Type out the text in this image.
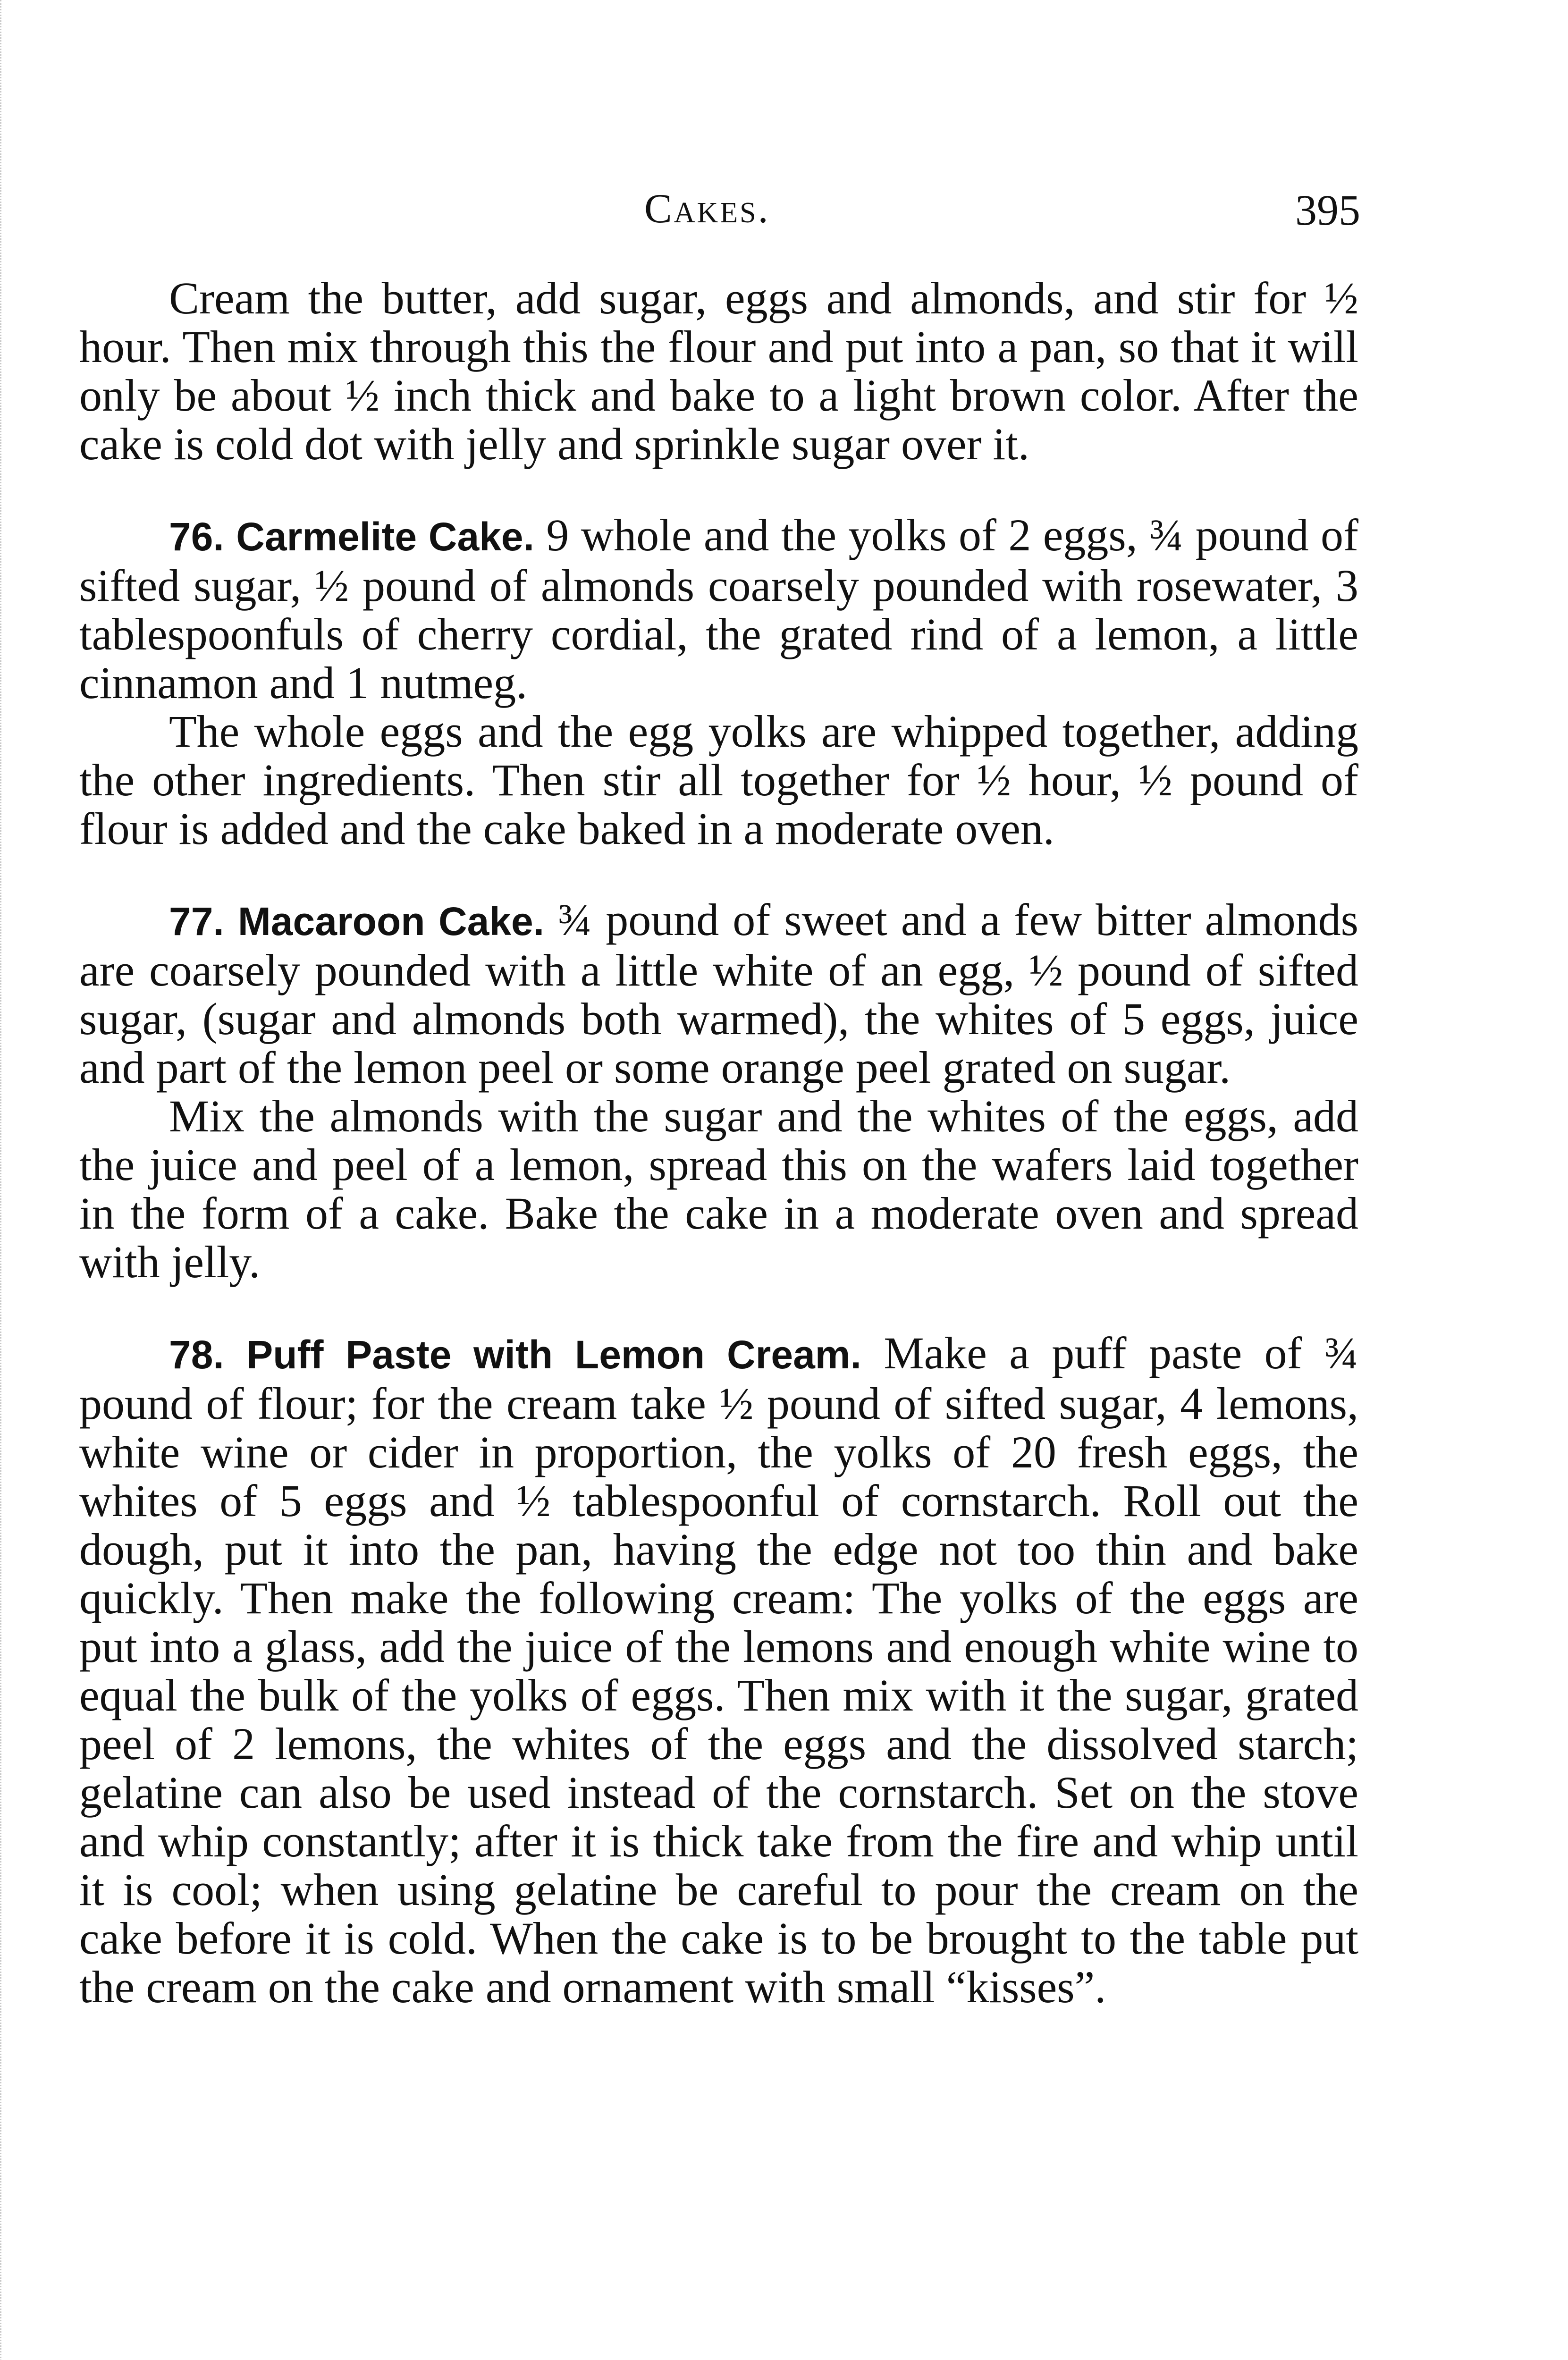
Cakes.	395

Cream the butter, add sugar, eggs and almonds, and stir for ½ hour. Then mix through this the flour and put into a pan, so that it will only be about ½ inch thick and bake to a light brown color. After the cake is cold dot with jelly and sprinkle sugar over it.

76. Carmelite Cake. 9 whole and the yolks of 2 eggs, ¾ pound of sifted sugar, ½ pound of almonds coarsely pounded with rosewater, 3 tablespoonfuls of cherry cordial, the grated rind of a lemon, a little cinnamon and 1 nutmeg.

The whole eggs and the egg yolks are whipped together, adding the other ingredients. Then stir all together for ½ hour, ½ pound of flour is added and the cake baked in a moderate oven.

77. Macaroon Cake. ¾ pound of sweet and a few bitter almonds are coarsely pounded with a little white of an egg, ½ pound of sifted sugar, (sugar and almonds both warmed), the whites of 5 eggs, juice and part of the lemon peel or some orange peel grated on sugar.

Mix the almonds with the sugar and the whites of the eggs, add the juice and peel of a lemon, spread this on the wafers laid together in the form of a cake. Bake the cake in a moderate oven and spread with jelly.

78. Puff Paste with Lemon Cream. Make a puff paste of ¾ pound of flour; for the cream take ½ pound of sifted sugar, 4 lemons, white wine or cider in proportion, the yolks of 20 fresh eggs, the whites of 5 eggs and ½ tablespoonful of cornstarch. Roll out the dough, put it into the pan, having the edge not too thin and bake quickly. Then make the following cream: The yolks of the eggs are put into a glass, add the juice of the lemons and enough white wine to equal the bulk of the yolks of eggs. Then mix with it the sugar, grated peel of 2 lemons, the whites of the eggs and the dissolved starch; gelatine can also be used instead of the cornstarch. Set on the stove and whip constantly; after it is thick take from the fire and whip until it is cool; when using gelatine be careful to pour the cream on the cake before it is cold. When the cake is to be brought to the table put the cream on the cake and ornament with small “kisses”.
